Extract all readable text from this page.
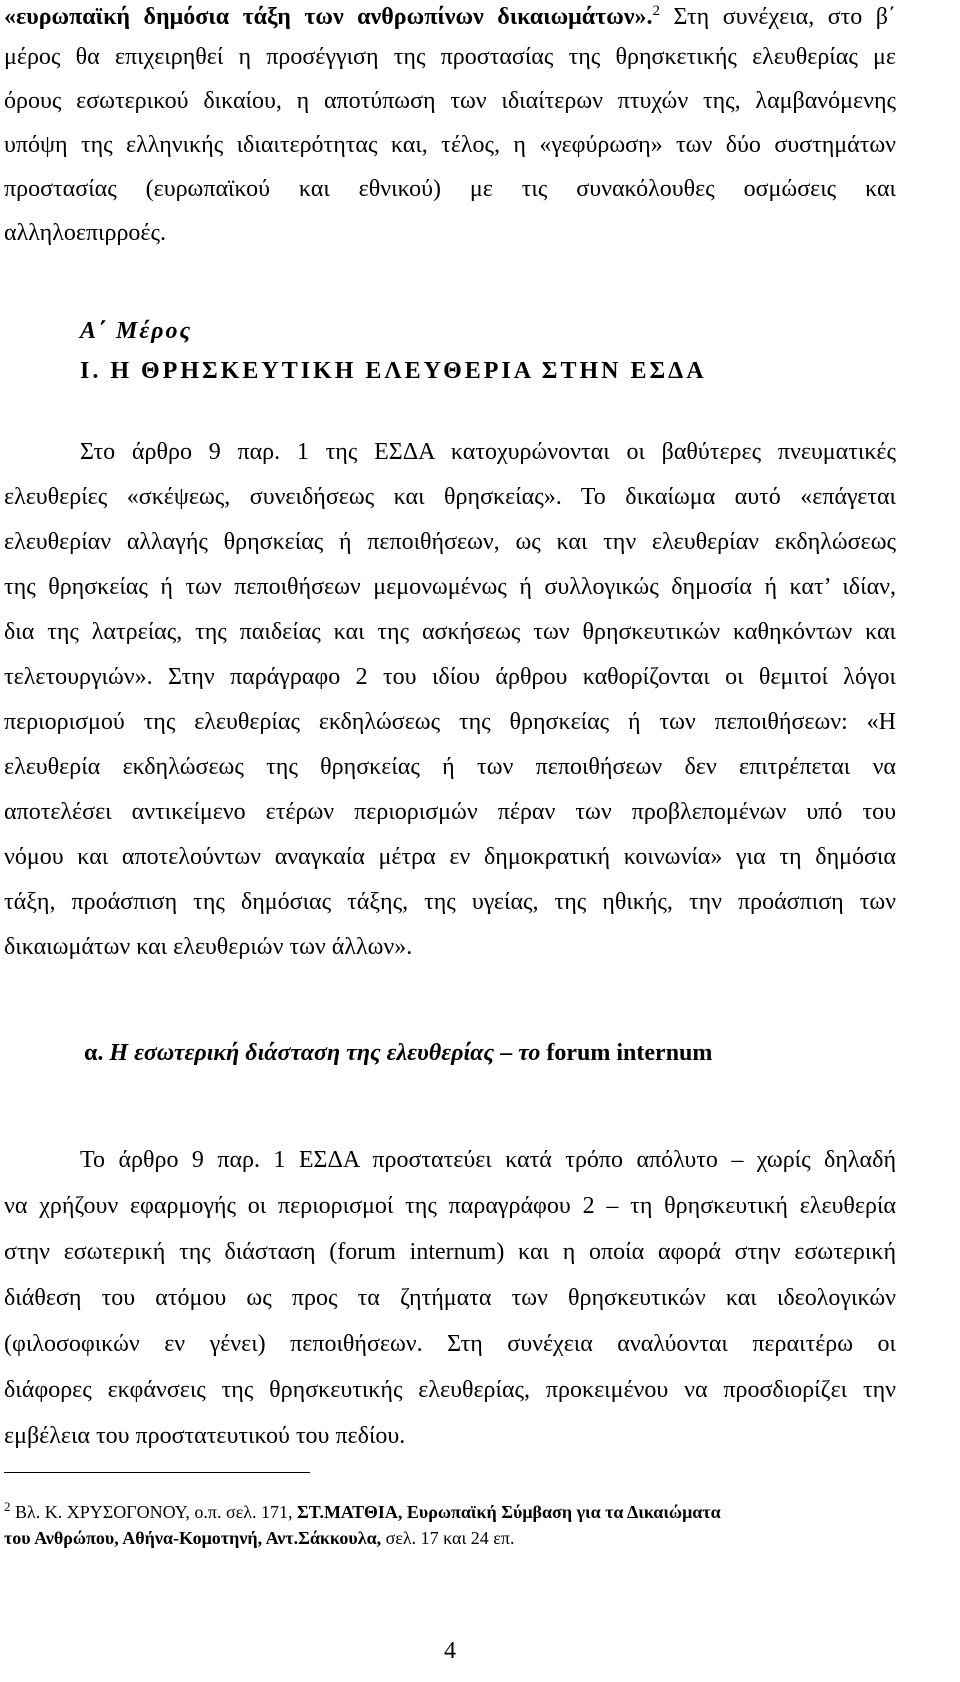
«ευρωπαϊκή δημόσια τάξη των ανθρωπίνων δικαιωμάτων».$^2$ Στη συνέχεια, στο β΄
μέρος θα επιχειρηθεί η προσέγγιση της προστασίας της θρησκετικής ελευθερίας με
όρους εσωτερικού δικαίου, η αποτύπωση των ιδιαίτερων πτυχών της, λαμβανόμενης
υπόψη της ελληνικής ιδιαιτερότητας και, τέλος, η «γεφύρωση» των δύο συστημάτων
προστασίας (ευρωπαϊκού και εθνικού) με τις συνακόλουθες οσμώσεις και
αλληλοεπιρροές.
Α΄ Μέρος
Ι. Η ΘΡΗΣΚΕΥΤΙΚΗ ΕΛΕΥΘΕΡΙΑ ΣΤΗΝ ΕΣΔΑ
Στο άρθρο 9 παρ. 1 της ΕΣΔΑ κατοχυρώνονται οι βαθύτερες πνευματικές
ελευθερίες «σκέψεως, συνειδήσεως και θρησκείας». Το δικαίωμα αυτό «επάγεται
ελευθερίαν αλλαγής θρησκείας ή πεποιθήσεων, ως και την ελευθερίαν εκδηλώσεως
της θρησκείας ή των πεποιθήσεων μεμονωμένως ή συλλογικώς δημοσία ή κατ’ ιδίαν,
δια της λατρείας, της παιδείας και της ασκήσεως των θρησκευτικών καθηκόντων και
τελετουργιών». Στην παράγραφο 2 του ιδίου άρθρου καθορίζονται οι θεμιτοί λόγοι
περιορισμού της ελευθερίας εκδηλώσεως της θρησκείας ή των πεποιθήσεων: «Η
ελευθερία εκδηλώσεως της θρησκείας ή των πεποιθήσεων δεν επιτρέπεται να
αποτελέσει αντικείμενο ετέρων περιορισμών πέραν των προβλεπομένων υπό του
νόμου και αποτελούντων αναγκαία μέτρα εν δημοκρατική κοινωνία» για τη δημόσια
τάξη, προάσπιση της δημόσιας τάξης, της υγείας, της ηθικής, την προάσπιση των
δικαιωμάτων και ελευθεριών των άλλων».
α. Η εσωτερική διάσταση της ελευθερίας – το forum internum
Το άρθρο 9 παρ. 1 ΕΣΔΑ προστατεύει κατά τρόπο απόλυτο – χωρίς δηλαδή
να χρήζουν εφαρμογής οι περιορισμοί της παραγράφου 2 – τη θρησκευτική ελευθερία
στην εσωτερική της διάσταση (forum internum) και η οποία αφορά στην εσωτερική
διάθεση του ατόμου ως προς τα ζητήματα των θρησκευτικών και ιδεολογικών
(φιλοσοφικών εν γένει) πεποιθήσεων. Στη συνέχεια αναλύονται περαιτέρω οι
διάφορες εκφάνσεις της θρησκευτικής ελευθερίας, προκειμένου να προσδιορίζει την
εμβέλεια του προστατευτικού του πεδίου.
$^2$ Βλ. Κ. ΧΡΥΣΟΓΟΝΟΥ, ο.π. σελ. 171, ΣΤ.ΜΑΤΘΙΑ, Ευρωπαϊκή Σύμβαση για τα Δικαιώματα
του Ανθρώπου, Αθήνα-Κομοτηνή, Αντ.Σάκκουλα, σελ. 17 και 24 επ.
4
